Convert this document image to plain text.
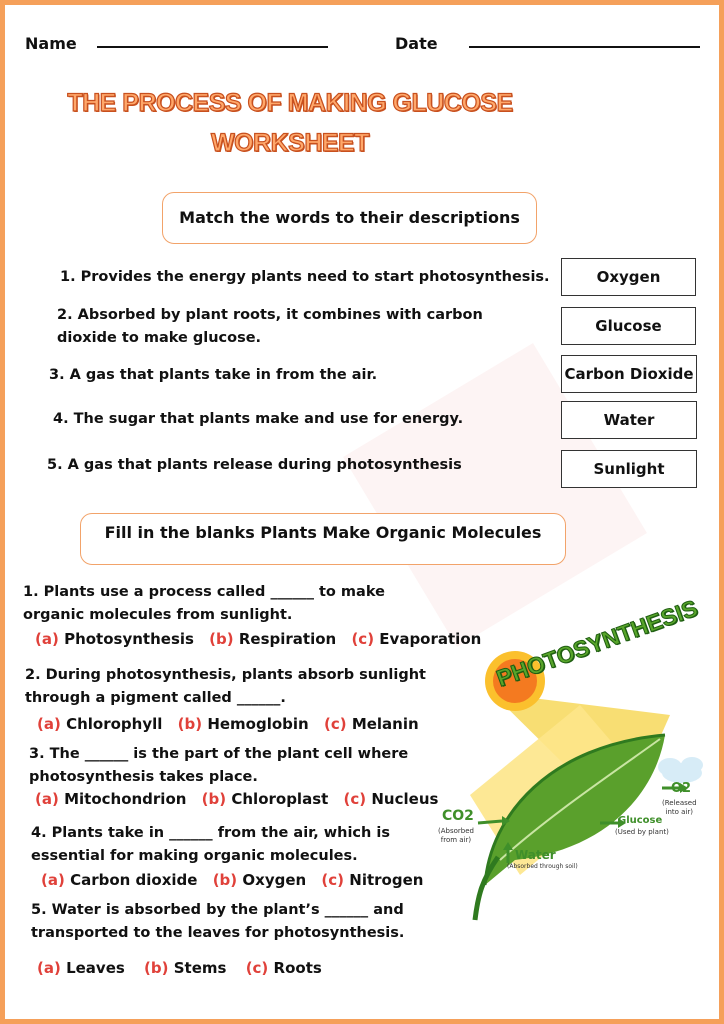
Name	Date
THE PROCESS OF MAKING GLUCOSE
WORKSHEET
Match the words to their descriptions
1. Provides the energy plants need to start photosynthesis.
2. Absorbed by plant roots, it combines with carbon dioxide to make glucose.
3. A gas that plants take in from the air.
4. The sugar that plants make and use for energy.
5. A gas that plants release during photosynthesis
Oxygen
Glucose
Carbon Dioxide
Water
Sunlight
Fill in the blanks Plants Make Organic Molecules
1. Plants use a process called ______ to make organic molecules from sunlight.
(a) Photosynthesis (b) Respiration (c) Evaporation
2. During photosynthesis, plants absorb sunlight through a pigment called ______.
(a) Chlorophyll (b) Hemoglobin (c) Melanin
3. The ______ is the part of the plant cell where photosynthesis takes place.
(a) Mitochondrion (b) Chloroplast (c) Nucleus
4. Plants take in ______ from the air, which is essential for making organic molecules.
(a) Carbon dioxide (b) Oxygen (c) Nitrogen
5. Water is absorbed by the plant’s ______ and transported to the leaves for photosynthesis.
(a) Leaves (b) Stems (c) Roots
PHOTOSYNTHESIS
CO2
(Absorbed
from air)
O2
(Released
into air)
Glucose
(Used by plant)
Water
(Absorbed through soil)
